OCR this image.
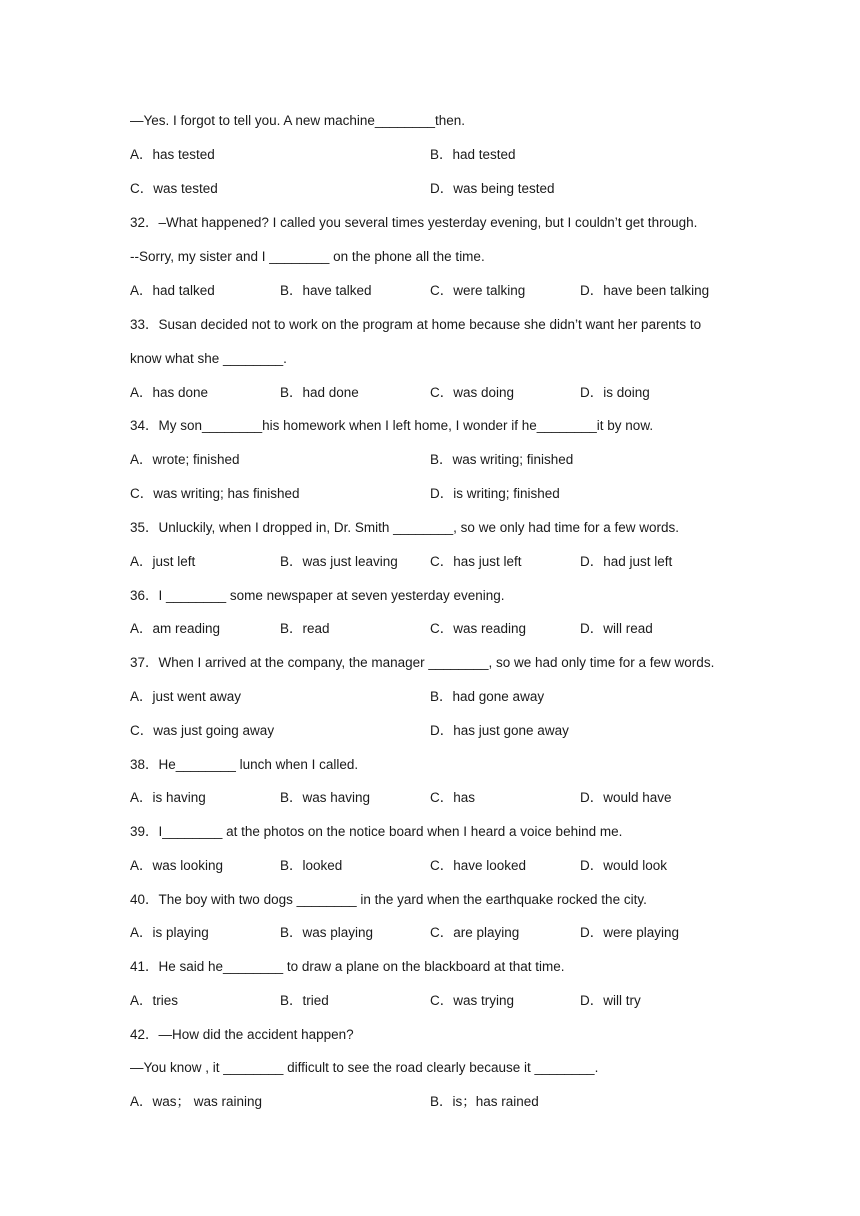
—Yes. I forgot to tell you. A new machine________then.
A．has tested	B．had tested
C．was tested	D．was being tested
32．–What happened? I called you several times yesterday evening, but I couldn’t get through.
--Sorry, my sister and I ________ on the phone all the time.
A．had talked	B．have talked	C．were talking	D．have been talking
33．Susan decided not to work on the program at home because she didn’t want her parents to
know what she ________.
A．has done	B．had done	C．was doing	D．is doing
34．My son________his homework when I left home, I wonder if he________it by now.
A．wrote; finished	B．was writing; finished
C．was writing; has finished	D．is writing; finished
35．Unluckily, when I dropped in, Dr. Smith ________, so we only had time for a few words.
A．just left	B．was just leaving C．has just left	D．had just left
36．I ________ some newspaper at seven yesterday evening.
A．am reading	B．read	C．was reading	D．will read
37．When I arrived at the company, the manager ________, so we had only time for a few words.
A．just went away	B．had gone away
C．was just going away	D．has just gone away
38．He________ lunch when I called.
A．is having	B．was having	C．has	D．would have
39．I________ at the photos on the notice board when I heard a voice behind me.
A．was looking	B．looked	C．have looked	D．would look
40．The boy with two dogs ________ in the yard when the earthquake rocked the city.
A．is playing	B．was playing	C．are playing	D．were playing
41．He said he________ to draw a plane on the blackboard at that time.
A．tries	B．tried	C．was trying	D．will try
42．—How did the accident happen?
—You know , it ________ difficult to see the road clearly because it ________.
A．was； was raining	B．is；has rained
